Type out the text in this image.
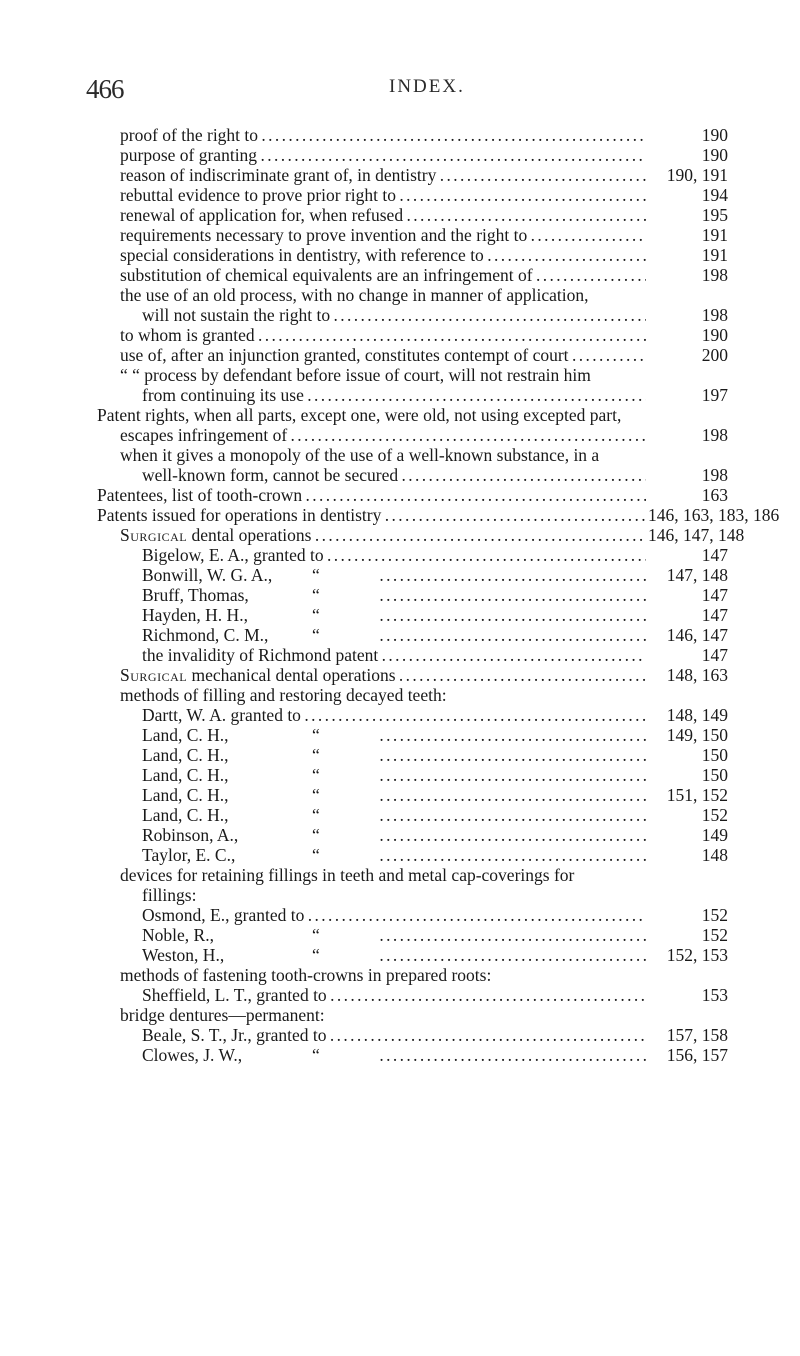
466	INDEX.
proof of the right to . . .	190
purpose of granting . . .	190
reason of indiscriminate grant of, in dentistry . . .	190, 191
rebuttal evidence to prove prior right to . . .	194
renewal of application for, when refused . . .	195
requirements necessary to prove invention and the right to . . .	191
special considerations in dentistry, with reference to . . .	191
substitution of chemical equivalents are an infringement of . . .	198
the use of an old process, with no change in manner of application,
will not sustain the right to . . .	198
to whom is granted . . .	190
use of, after an injunction granted, constitutes contempt of court . . .	200
“ “ process by defendant before issue of court, will not restrain him
from continuing its use . . .	197
Patent rights, when all parts, except one, were old, not using excepted part,
escapes infringement of . . .	198
when it gives a monopoly of the use of a well-known substance, in a
well-known form, cannot be secured . . .	198
Patentees, list of tooth-crown . . .	163
Patents issued for operations in dentistry . . .	146, 163, 183, 186
Surgical dental operations . . .	146, 147, 148
Bigelow, E. A., granted to . . .	147
Bonwill, W. G. A., “ . . .	147, 148
Bruff, Thomas,	“ . . .	147
Hayden, H. H.,	“ . . .	147
Richmond, C. M., “ . . .	146, 147
the invalidity of Richmond patent . . .	147
Surgical mechanical dental operations . . .	148, 163
methods of filling and restoring decayed teeth:
Dartt, W. A. granted to . . .	148, 149
Land, C. H.,	“ . . .	149, 150
Land, C. H.,	“ . . .	150
Land, C. H.,	“ . . .	150
Land, C. H.,	“ . . .	151, 152
Land, C. H.,	“ . . .	152
Robinson, A.,	“ . . .	149
Taylor, E. C.,	“ . . .	148
devices for retaining fillings in teeth and metal cap-coverings for
fillings:
Osmond, E., granted to . . .	152
Noble, R.,	“ . . .	152
Weston, H.,	“ . . .	152, 153
methods of fastening tooth-crowns in prepared roots:
Sheffield, L. T., granted to . . .	153
bridge dentures—permanent:
Beale, S. T., Jr., granted to . . .	157, 158
Clowes, J. W.,	“ . . .	156, 157
